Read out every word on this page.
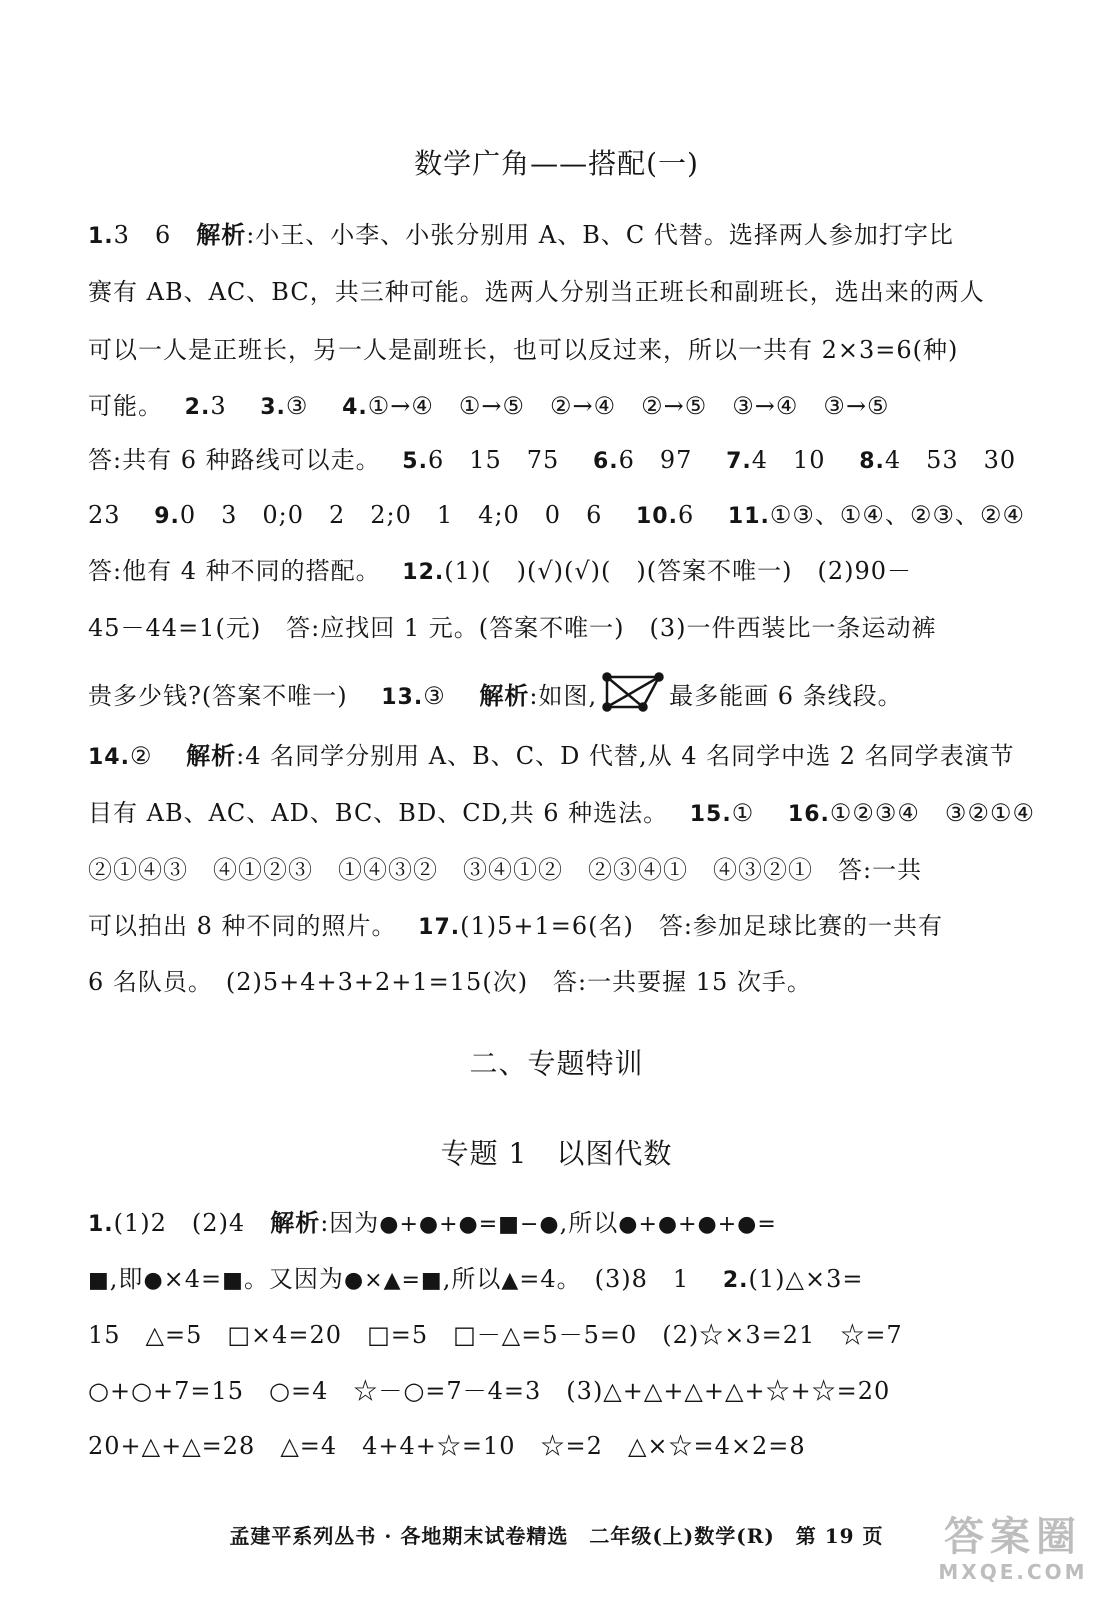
数学广角——搭配(一)
1.3　6　解析:小王、小李、小张分别用 A、B、C 代替。选择两人参加打字比
赛有 AB、AC、BC，共三种可能。选两人分别当正班长和副班长，选出来的两人
可以一人是正班长，另一人是副班长，也可以反过来，所以一共有 2×3=6(种)
可能。　 2.3　 3.③　 4.①→④　①→⑤　②→④　②→⑤　③→④　③→⑤
答:共有 6 种路线可以走。　 5.6　15　75　 6.6　97　 7.4　10　 8.4　53　30
23　 9.0　3　0;0　2　2;0　1　4;0　0　6　 10.6　 11.①③、①④、②③、②④
答:他有 4 种不同的搭配。　 12.(1)(　)(√)(√)(　)(答案不唯一)　(2)90－
45－44=1(元)　答:应找回 1 元。(答案不唯一)　(3)一件西装比一条运动裤
贵多少钱?(答案不唯一)　 13.③　 解析:如图,	最多能画 6 条线段。
14.②　 解析:4 名同学分别用 A、B、C、D 代替,从 4 名同学中选 2 名同学表演节
目有 AB、AC、AD、BC、BD、CD,共 6 种选法。　 15.①　 16.①②③④　③②①④
②①④③　④①②③　①④③②　③④①②　②③④①　④③②①　答:一共
可以拍出 8 种不同的照片。　 17.(1)5+1=6(名)　答:参加足球比赛的一共有
6 名队员。　(2)5+4+3+2+1=15(次)　答:一共要握 15 次手。
二、专题特训
专题 1　以图代数
1.(1)2　(2)4　解析:因为●+●+●=■−●,所以●+●+●+●=
■,即●×4=■。又因为●×▲=■,所以▲=4。　(3)8　1　 2.(1)△×3=
15　△=5　□×4=20　□=5　□－△=5－5=0　(2)☆×3=21　☆=7
○+○+7=15　○=4　☆－○=7－4=3　(3)△+△+△+△+☆+☆=20
20+△+△=28　△=4　4+4+☆=10　☆=2　△×☆=4×2=8
孟建平系列丛书 · 各地期末试卷精选　二年级(上)数学(R)　第 19 页	答案圈
MXQE.COM
